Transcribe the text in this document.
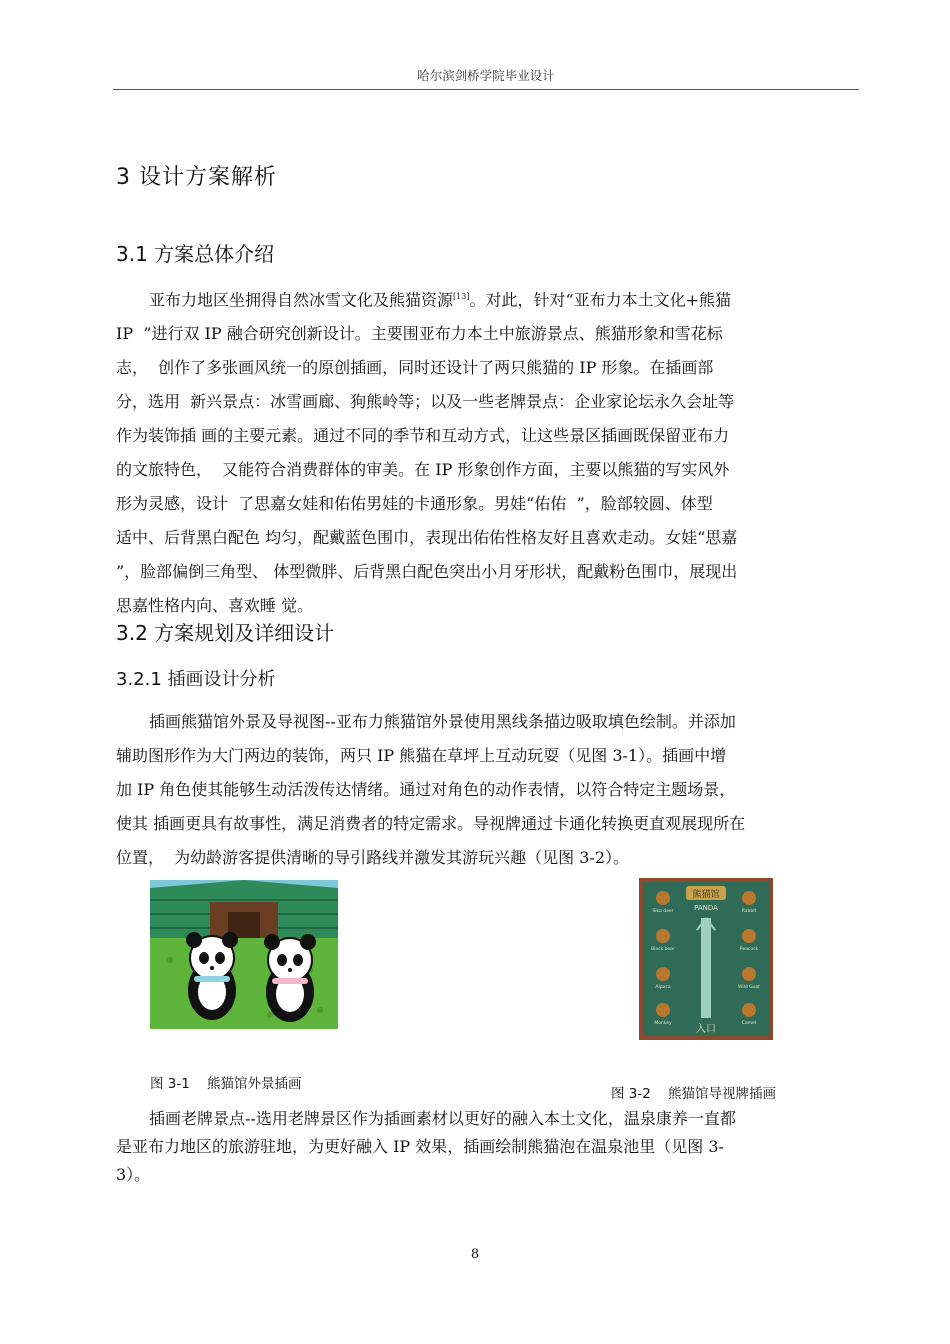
哈尔滨剑桥学院毕业设计
3 设计方案解析
3.1 方案总体介绍
亚布力地区坐拥得自然冰雪文化及熊猫资源[13]。对此，针对“亚布力本土文化+熊猫
IP  ”进行双 IP 融合研究创新设计。主要围亚布力本土中旅游景点、熊猫形象和雪花标
志，  创作了多张画风统一的原创插画，同时还设计了两只熊猫的 IP 形象。在插画部
分，选用  新兴景点：冰雪画廊、狗熊岭等；以及一些老牌景点：企业家论坛永久会址等
作为装饰插 画的主要元素。通过不同的季节和互动方式，让这些景区插画既保留亚布力
的文旅特色，  又能符合消费群体的审美。在 IP 形象创作方面，主要以熊猫的写实风外
形为灵感，设计  了思嘉女娃和佑佑男娃的卡通形象。男娃“佑佑  ”，脸部较圆、体型
适中、后背黑白配色 均匀，配戴蓝色围巾，表现出佑佑性格友好且喜欢走动。女娃“思嘉
”，脸部偏倒三角型、 体型微胖、后背黑白配色突出小月牙形状，配戴粉色围巾，展现出
思嘉性格内向、喜欢睡 觉。
3.2 方案规划及详细设计
3.2.1 插画设计分析
插画熊猫馆外景及导视图--亚布力熊猫馆外景使用黑线条描边吸取填色绘制。并添加
辅助图形作为大门两边的装饰，两只 IP 熊猫在草坪上互动玩耍（见图 3-1）。插画中增
加 IP 角色使其能够生动活泼传达情绪。通过对角色的动作表情，以符合特定主题场景，
使其 插画更具有故事性，满足消费者的特定需求。导视牌通过卡通化转换更直观展现所在
位置，  为幼龄游客提供清晰的导引路线并激发其游玩兴趣（见图 3-2）。
熊猫馆
PANDA
Sika deer	Rabbit
Black bear	Peacock
Alpaca	Wild Goat
Monkey	Camel
入口
图 3-1    熊猫馆外景插画
图 3-2    熊猫馆导视牌插画
插画老牌景点--选用老牌景区作为插画素材以更好的融入本土文化，温泉康养一直都
是亚布力地区的旅游驻地，为更好融入 IP 效果，插画绘制熊猫泡在温泉池里（见图 3-
3）。
8
